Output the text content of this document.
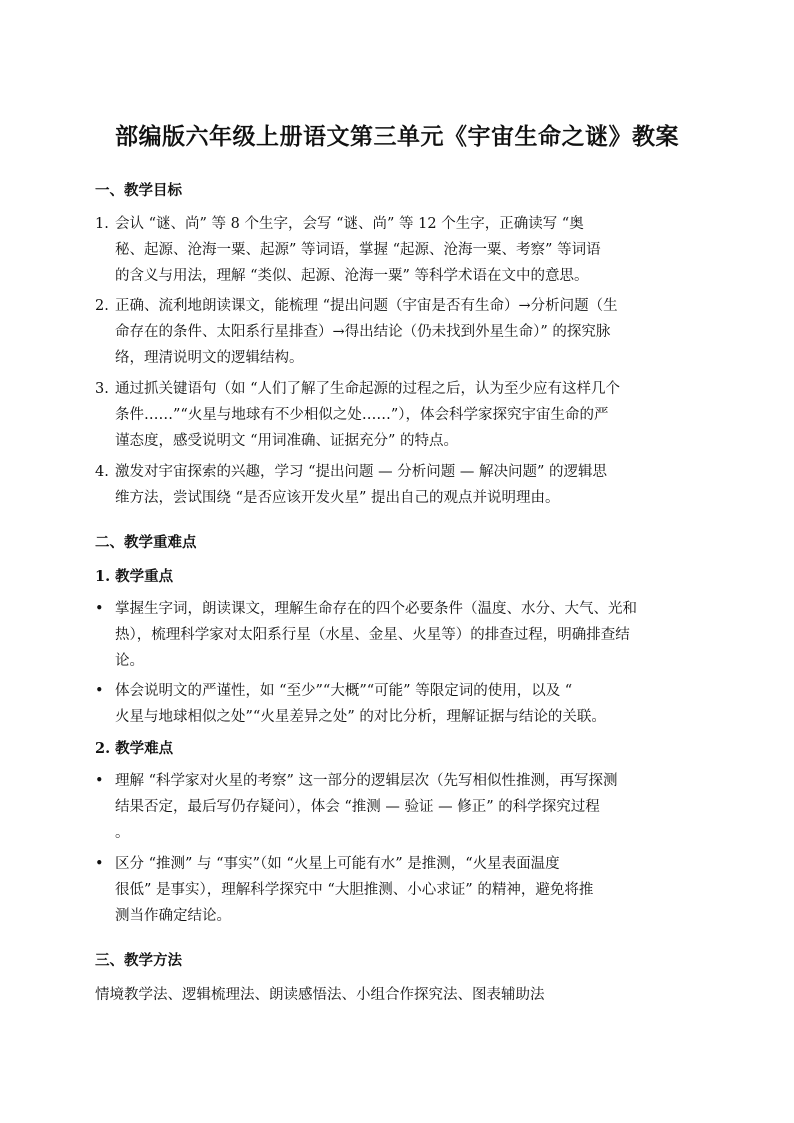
部编版六年级上册语文第三单元《宇宙生命之谜》教案
一、教学目标
1. 会认 “谜、尚” 等 8 个生字，会写 “谜、尚” 等 12 个生字，正确读写 “奥
秘、起源、沧海一粟、起源” 等词语，掌握 “起源、沧海一粟、考察” 等词语
的含义与用法，理解 “类似、起源、沧海一粟” 等科学术语在文中的意思。
2. 正确、流利地朗读课文，能梳理 “提出问题（宇宙是否有生命）→分析问题（生
命存在的条件、太阳系行星排查）→得出结论（仍未找到外星生命）” 的探究脉
络，理清说明文的逻辑结构。
3. 通过抓关键语句（如 “人们了解了生命起源的过程之后，认为至少应有这样几个
条件……”“火星与地球有不少相似之处……”），体会科学家探究宇宙生命的严
谨态度，感受说明文 “用词准确、证据充分” 的特点。
4. 激发对宇宙探索的兴趣，学习 “提出问题 — 分析问题 — 解决问题” 的逻辑思
维方法，尝试围绕 “是否应该开发火星” 提出自己的观点并说明理由。
二、教学重难点
1. 教学重点
• 掌握生字词，朗读课文，理解生命存在的四个必要条件（温度、水分、大气、光和
热），梳理科学家对太阳系行星（水星、金星、火星等）的排查过程，明确排查结
论。
• 体会说明文的严谨性，如 “至少”“大概”“可能” 等限定词的使用，以及 “
火星与地球相似之处”“火星差异之处” 的对比分析，理解证据与结论的关联。
2. 教学难点
• 理解 “科学家对火星的考察” 这一部分的逻辑层次（先写相似性推测，再写探测
结果否定，最后写仍存疑问），体会 “推测 — 验证 — 修正” 的科学探究过程
。
• 区分 “推测” 与 “事实”（如 “火星上可能有水” 是推测，“火星表面温度
很低” 是事实），理解科学探究中 “大胆推测、小心求证” 的精神，避免将推
测当作确定结论。
三、教学方法
情境教学法、逻辑梳理法、朗读感悟法、小组合作探究法、图表辅助法
